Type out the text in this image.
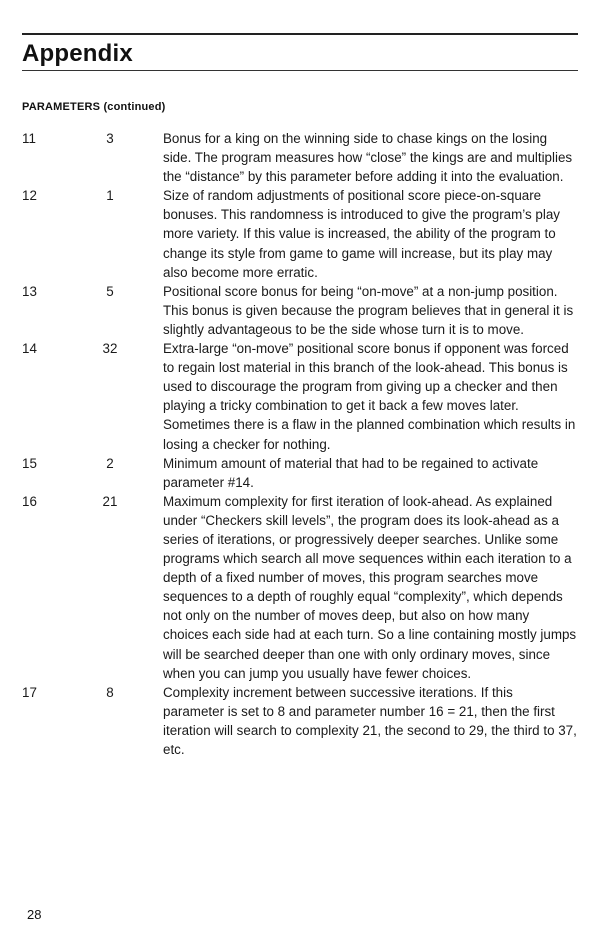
Appendix
PARAMETERS (continued)
11	3	Bonus for a king on the winning side to chase kings on the losing side. The program measures how “close” the kings are and multiplies the “distance” by this parameter before adding it into the evaluation.
12	1	Size of random adjustments of positional score piece-on-square bonuses. This randomness is introduced to give the program’s play more variety. If this value is increased, the ability of the program to change its style from game to game will increase, but its play may also become more erratic.
13	5	Positional score bonus for being “on-move” at a non-jump position. This bonus is given because the program believes that in general it is slightly advantageous to be the side whose turn it is to move.
14	32	Extra-large “on-move” positional score bonus if opponent was forced to regain lost material in this branch of the look-ahead. This bonus is used to discourage the program from giving up a checker and then playing a tricky combination to get it back a few moves later. Sometimes there is a flaw in the planned combination which results in losing a checker for nothing.
15	2	Minimum amount of material that had to be regained to activate parameter #14.
16	21	Maximum complexity for first iteration of look-ahead. As explained under “Checkers skill levels”, the program does its look-ahead as a series of iterations, or progressively deeper searches. Unlike some programs which search all move sequences within each iteration to a depth of a fixed number of moves, this program searches move sequences to a depth of roughly equal “complexity”, which depends not only on the number of moves deep, but also on how many choices each side had at each turn. So a line containing mostly jumps will be searched deeper than one with only ordinary moves, since when you can jump you usually have fewer choices.
17	8	Complexity increment between successive iterations. If this parameter is set to 8 and parameter number 16 = 21, then the first iteration will search to complexity 21, the second to 29, the third to 37, etc.
28
